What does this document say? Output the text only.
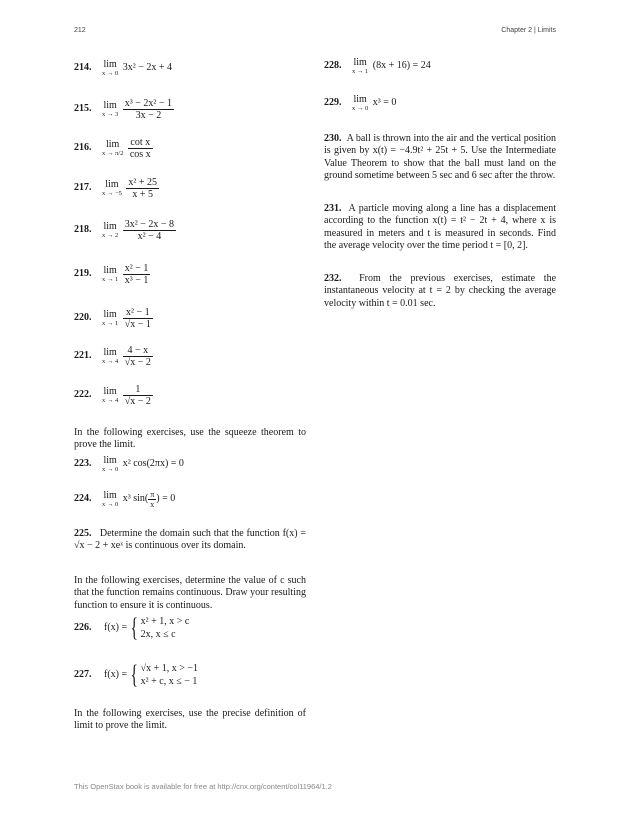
212	Chapter 2 | Limits
214. lim
x → 0
3x² − 2x + 4
215. lim
x → 3
$\frac{\text{x³ − 2x² − 1}}{3x - 2}$
216.	lim
x → π/2
$\frac{\text{cot x}}{\text{cos x}}$
217.	lim
x → −5
$\frac{\text{x² + 25}}{x + 5}$
218. lim
x → 2
$\frac{\text{3x² − 2x − 8}}{\text{x² − 4}}$
219. lim
x → 1
$\frac{\text{x² − 1}}{\text{x³ − 1}}$
220. lim
x → 1
$\frac{\text{x² − 1}}{√x - 1}$
221. lim
x → 4
$\frac{4 - x}{√x - 2}$
222. lim
x → 4
$\frac{1}{√x - 2}$
In the following exercises, use the squeeze theorem to prove the limit.
223. lim
x → 0
x² cos(2πx) = 0
224. lim
x → 0
x³ $\sin( \frac{\pi}{x}$ ) = 0
225. Determine the domain such that the function f(x) = √x − 2 + xeˣ is continuous over its domain.
In the following exercises, determine the value of c such that the function remains continuous. Draw your resulting function to ensure it is continuous.
226. f(x) = { x² + 1, x > c
2x, x ≤ c
227. f(x) = { √x + 1, x > −1
x² + c, x ≤ − 1
In the following exercises, use the precise definition of limit to prove the limit.
228. lim
x → 1
(8x + 16) = 24
229. lim
x → 0
x³ = 0
230. A ball is thrown into the air and the vertical position is given by x(t) = −4.9t² + 25t + 5. Use the Intermediate Value Theorem to show that the ball must land on the ground sometime between 5 sec and 6 sec after the throw.
231. A particle moving along a line has a displacement according to the function x(t) = t² − 2t + 4, where x is measured in meters and t is measured in seconds. Find the average velocity over the time period t = [0, 2].
232. From the previous exercises, estimate the instantaneous velocity at t = 2 by checking the average velocity within t = 0.01 sec.
This OpenStax book is available for free at http://cnx.org/content/col11964/1.2
